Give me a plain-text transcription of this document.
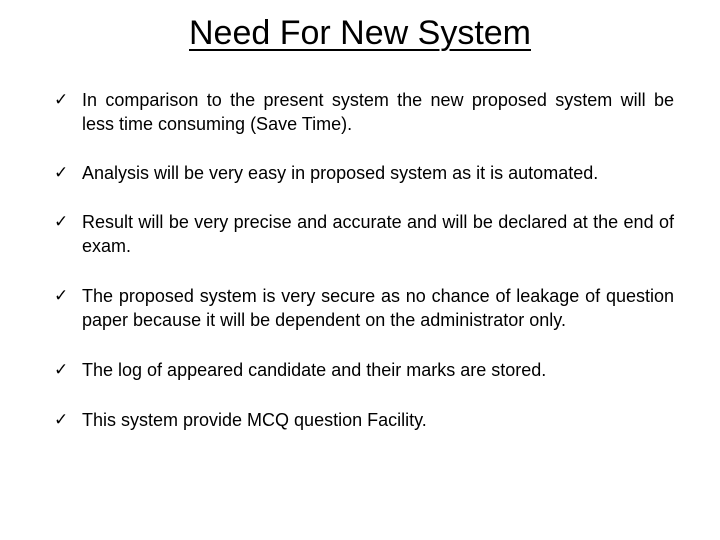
Need For New System
✓ In comparison to the present system the new proposed system will be less time consuming (Save Time).
✓ Analysis will be very easy in proposed system as it is automated.
✓ Result will be very precise and accurate and will be declared at the end of exam.
✓ The proposed system is very secure as no chance of leakage of question paper because it will be dependent on the administrator only.
✓ The log of appeared candidate and their marks are stored.
✓ This system provide MCQ question Facility.
